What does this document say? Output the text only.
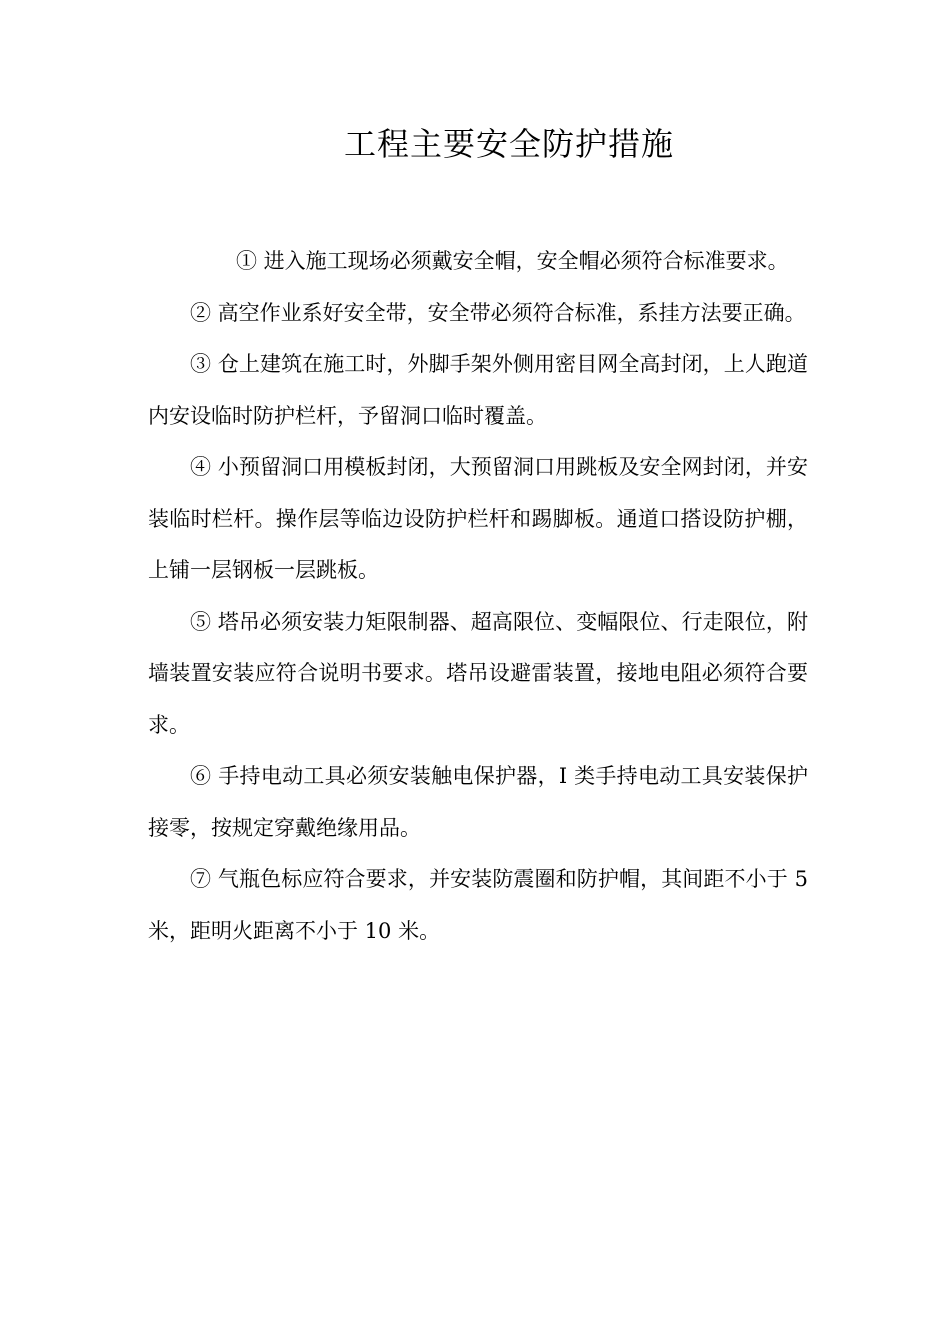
工程主要安全防护措施

① 进入施工现场必须戴安全帽，安全帽必须符合标准要求。

② 高空作业系好安全带，安全带必须符合标准，系挂方法要正确。

③ 仓上建筑在施工时，外脚手架外侧用密目网全高封闭，上人跑道内安设临时防护栏杆，予留洞口临时覆盖。

④ 小预留洞口用模板封闭，大预留洞口用跳板及安全网封闭，并安装临时栏杆。操作层等临边设防护栏杆和踢脚板。通道口搭设防护棚，上铺一层钢板一层跳板。

⑤ 塔吊必须安装力矩限制器、超高限位、变幅限位、行走限位，附墙装置安装应符合说明书要求。塔吊设避雷装置，接地电阻必须符合要求。

⑥ 手持电动工具必须安装触电保护器，I 类手持电动工具安装保护接零，按规定穿戴绝缘用品。

⑦ 气瓶色标应符合要求，并安装防震圈和防护帽，其间距不小于 5 米，距明火距离不小于 10 米。
